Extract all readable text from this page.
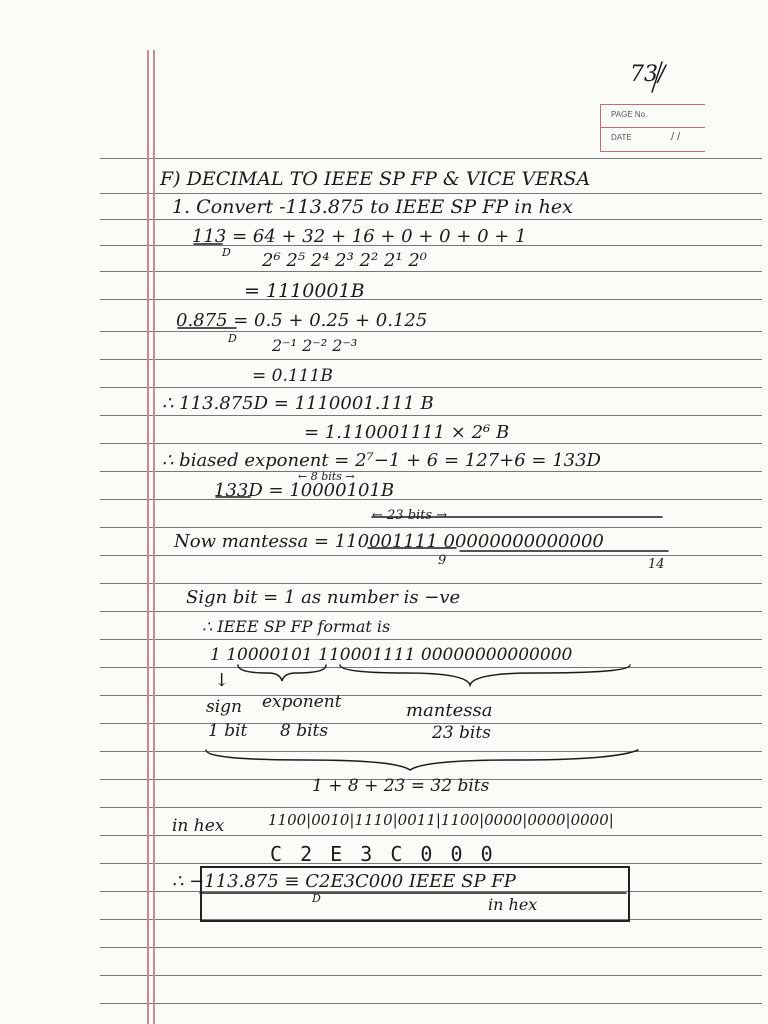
73/
PAGE No.
DATE	/ /
F) DECIMAL TO IEEE SP FP & VICE VERSA
1. Convert -113.875 to IEEE SP FP in hex
113 = 64 + 32 + 16 + 0 + 0 + 0 + 1
D 2⁶ 2⁵ 2⁴ 2³ 2² 2¹ 2⁰
= 1110001B
0.875 = 0.5 + 0.25 + 0.125
D 2⁻¹ 2⁻² 2⁻³
= 0.111B
∴ 113.875D = 1110001.111 B
= 1.110001111 × 2⁶ B
∴ biased exponent = 2⁷−1 + 6 = 127+6 = 133D
← 8 bits →
133D = 10000101B
← 23 bits →
Now mantessa = 110001111 00000000000000
9	14
Sign bit = 1 as number is −ve
∴ IEEE SP FP format is
1 10000101 110001111 00000000000000
↓
sign exponent	mantessa
1 bit 8 bits	23 bits
1 + 8 + 23 = 32 bits
in hex	1100|0010|1110|0011|1100|0000|0000|0000|
C 2 E 3 C 0 0 0
∴ −113.875 ≡ C2E3C000 IEEE SP FP
D	in hex
